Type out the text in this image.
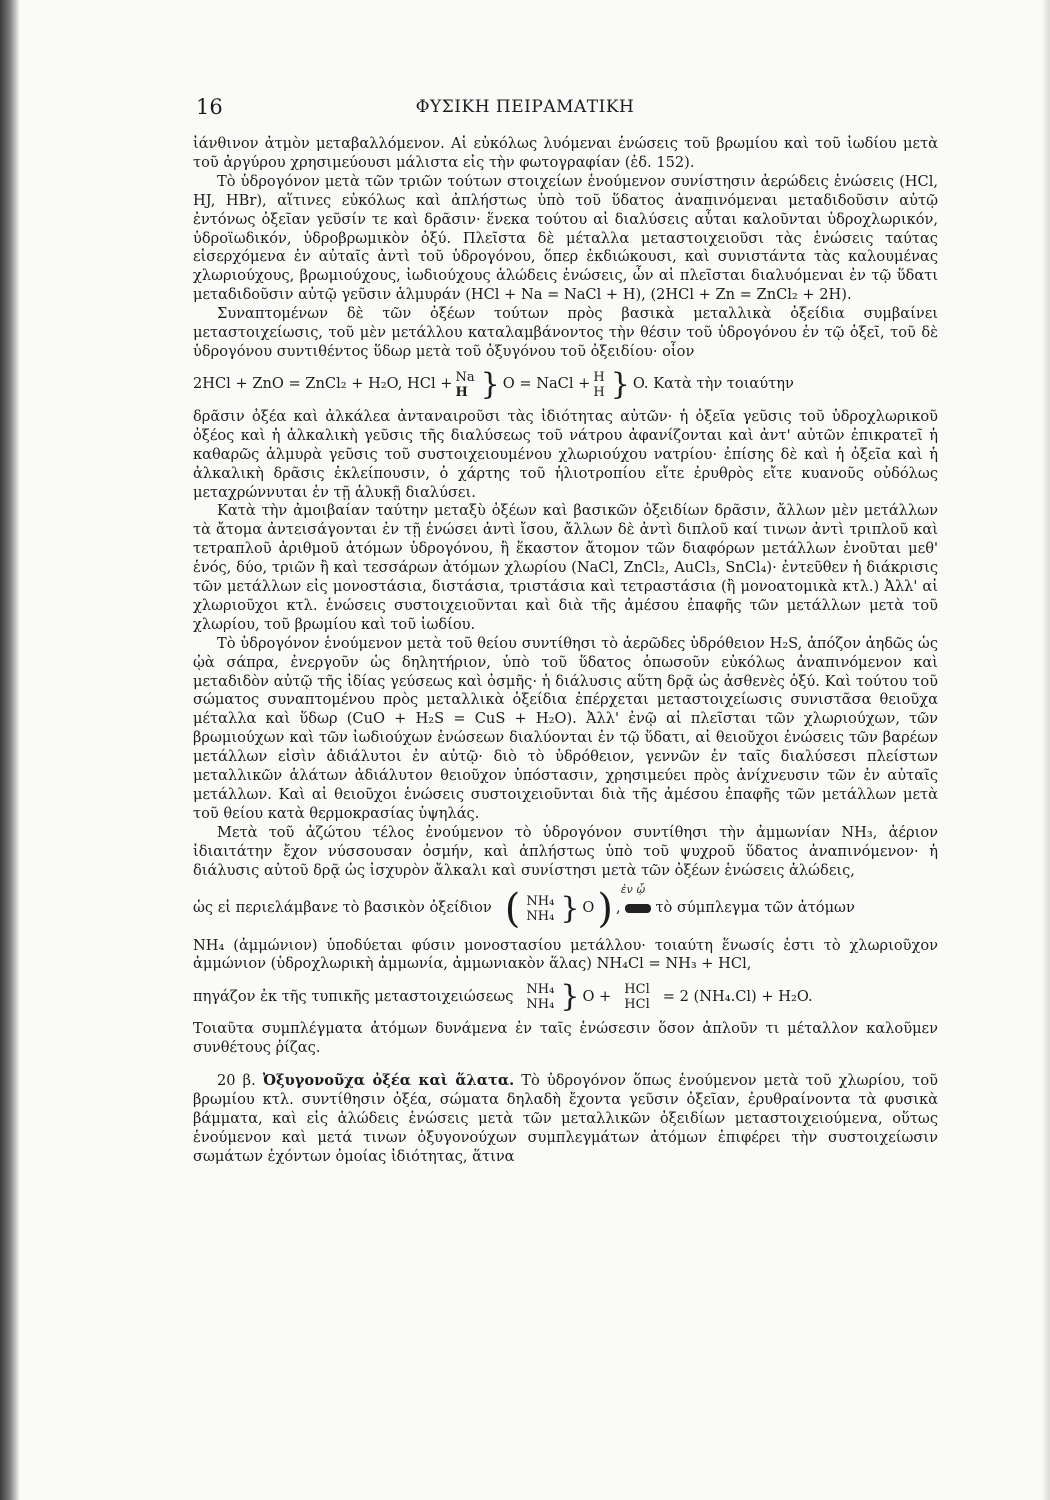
16	ΦΥΣΙΚΗ ΠΕΙΡΑΜΑΤΙΚΗ

ἰάνθινον ἀτμὸν μεταβαλλόμενον. Αἱ εὐκόλως λυόμεναι ἑνώσεις τοῦ βρωμίου καὶ τοῦ ἰωδίου μετὰ τοῦ ἀργύρου χρησιμεύουσι μάλιστα εἰς τὴν φωτογραφίαν (ἐδ. 152).

Τὸ ὑδρογόνον μετὰ τῶν τριῶν τούτων στοιχείων ἑνούμενον συνίστησιν ἀερώδεις ἑνώσεις (HCl, HJ, HBr), αἵτινες εὐκόλως καὶ ἀπλήστως ὑπὸ τοῦ ὕδατος ἀναπινόμεναι μεταδιδοῦσιν αὐτῷ ἐντόνως ὀξεῖαν γεῦσίν τε καὶ δρᾶσιν· ἕνεκα τούτου αἱ διαλύσεις αὗται καλοῦνται ὑδροχλωρικόν, ὑδροϊωδικόν, ὑδροβρωμικὸν ὀξύ. Πλεῖστα δὲ μέταλλα μεταστοιχειοῦσι τὰς ἑνώσεις ταύτας εἰσερχόμενα ἐν αὐταῖς ἀντὶ τοῦ ὑδρογόνου, ὅπερ ἐκδιώκουσι, καὶ συνιστάντα τὰς καλουμένας χλωριούχους, βρωμιούχους, ἰωδιούχους ἁλώδεις ἑνώσεις, ὧν αἱ πλεῖσται διαλυόμεναι ἐν τῷ ὕδατι μεταδιδοῦσιν αὐτῷ γεῦσιν ἁλμυράν (HCl + Na = NaCl + H), (2HCl + Zn = ZnCl₂ + 2H).

Συναπτομένων δὲ τῶν ὀξέων τούτων πρὸς βασικὰ μεταλλικὰ ὀξείδια συμβαίνει μεταστοιχείωσις, τοῦ μὲν μετάλλου καταλαμβάνοντος τὴν θέσιν τοῦ ὑδρογόνου ἐν τῷ ὀξεῖ, τοῦ δὲ ὑδρογόνου συντιθέντος ὕδωρ μετὰ τοῦ ὀξυγόνου τοῦ ὀξειδίου· οἷον

2HCl + ZnO = ZnCl₂ + H₂O, HCl + Na
H } O = NaCl + H
H } O. Κατὰ τὴν τοιαύτην

δρᾶσιν ὀξέα καὶ ἀλκάλεα ἀνταναιροῦσι τὰς ἰδιότητας αὐτῶν· ἡ ὀξεῖα γεῦσις τοῦ ὑδροχλωρικοῦ ὀξέος καὶ ἡ ἀλκαλικὴ γεῦσις τῆς διαλύσεως τοῦ νάτρου ἀφανίζονται καὶ ἀντ' αὐτῶν ἐπικρατεῖ ἡ καθαρῶς ἁλμυρὰ γεῦσις τοῦ συστοιχειουμένου χλωριούχου νατρίου· ἐπίσης δὲ καὶ ἡ ὀξεῖα καὶ ἡ ἀλκαλικὴ δρᾶσις ἐκλείπουσιν, ὁ χάρτης τοῦ ἡλιοτροπίου εἴτε ἐρυθρὸς εἴτε κυανοῦς οὐδόλως μεταχρώννυται ἐν τῇ ἁλυκῇ διαλύσει.

Κατὰ τὴν ἀμοιβαίαν ταύτην μεταξὺ ὀξέων καὶ βασικῶν ὀξειδίων δρᾶσιν, ἄλλων μὲν μετάλλων τὰ ἄτομα ἀντεισάγονται ἐν τῇ ἑνώσει ἀντὶ ἴσου, ἄλλων δὲ ἀντὶ διπλοῦ καί τινων ἀντὶ τριπλοῦ καὶ τετραπλοῦ ἀριθμοῦ ἀτόμων ὑδρογόνου, ἢ ἕκαστον ἄτομον τῶν διαφόρων μετάλλων ἑνοῦται μεθ' ἑνός, δύο, τριῶν ἢ καὶ τεσσάρων ἀτόμων χλωρίου (NaCl, ZnCl₂, AuCl₃, SnCl₄)· ἐντεῦθεν ἡ διάκρισις τῶν μετάλλων εἰς μονοστάσια, διστάσια, τριστάσια καὶ τετραστάσια (ἢ μονοατομικὰ κτλ.) Ἀλλ' αἱ χλωριοῦχοι κτλ. ἑνώσεις συστοιχειοῦνται καὶ διὰ τῆς ἀμέσου ἐπαφῆς τῶν μετάλλων μετὰ τοῦ χλωρίου, τοῦ βρωμίου καὶ τοῦ ἰωδίου.

Τὸ ὑδρογόνον ἑνούμενον μετὰ τοῦ θείου συντίθησι τὸ ἀερῶδες ὑδρόθειον H₂S, ἀπόζον ἀηδῶς ὡς ᾠὰ σάπρα, ἐνεργοῦν ὡς δηλητήριον, ὑπὸ τοῦ ὕδατος ὁπωσοῦν εὐκόλως ἀναπινόμενον καὶ μεταδιδὸν αὐτῷ τῆς ἰδίας γεύσεως καὶ ὀσμῆς· ἡ διάλυσις αὕτη δρᾷ ὡς ἀσθενὲς ὀξύ. Καὶ τούτου τοῦ σώματος συναπτομένου πρὸς μεταλλικὰ ὀξείδια ἐπέρχεται μεταστοιχείωσις συνιστᾶσα θειοῦχα μέταλλα καὶ ὕδωρ (CuO + H₂S = CuS + H₂O). Ἀλλ' ἐνῷ αἱ πλεῖσται τῶν χλωριούχων, τῶν βρωμιούχων καὶ τῶν ἰωδιούχων ἑνώσεων διαλύονται ἐν τῷ ὕδατι, αἱ θειοῦχοι ἑνώσεις τῶν βαρέων μετάλλων εἰσὶν ἀδιάλυτοι ἐν αὐτῷ· διὸ τὸ ὑδρόθειον, γεννῶν ἐν ταῖς διαλύσεσι πλείστων μεταλλικῶν ἁλάτων ἀδιάλυτον θειοῦχον ὑπόστασιν, χρησιμεύει πρὸς ἀνίχνευσιν τῶν ἐν αὐταῖς μετάλλων. Καὶ αἱ θειοῦχοι ἑνώσεις συστοιχειοῦνται διὰ τῆς ἀμέσου ἐπαφῆς τῶν μετάλλων μετὰ τοῦ θείου κατὰ θερμοκρασίας ὑψηλάς.

Μετὰ τοῦ ἀζώτου τέλος ἑνούμενον τὸ ὑδρογόνον συντίθησι τὴν ἀμμωνίαν NH₃, ἀέριον ἰδιαιτάτην ἔχον νύσσουσαν ὀσμήν, καὶ ἀπλήστως ὑπὸ τοῦ ψυχροῦ ὕδατος ἀναπινόμενον· ἡ διάλυσις αὐτοῦ δρᾷ ὡς ἰσχυρὸν ἄλκαλι καὶ συνίστησι μετὰ τῶν ὀξέων ἑνώσεις ἁλώδεις,

ὡς εἰ περιελάμβανε τὸ βασικὸν ὀξείδιον ( NH₄
NH₄ } O ) ,
ἐν ᾧ
τὸ σύμπλεγμα τῶν ἀτόμων

NH₄ (ἀμμώνιον) ὑποδύεται φύσιν μονοστασίου μετάλλου· τοιαύτη ἕνωσίς ἐστι τὸ χλωριοῦχον ἀμμώνιον (ὑδροχλωρικὴ ἀμμωνία, ἀμμωνιακὸν ἅλας) NH₄Cl = NH₃ + HCl,

πηγάζον ἐκ τῆς τυπικῆς μεταστοιχειώσεως NH₄
NH₄ } O + HCl
HCl = 2 (NH₄.Cl) + H₂O.

Τοιαῦτα συμπλέγματα ἀτόμων δυνάμενα ἐν ταῖς ἑνώσεσιν ὅσον ἁπλοῦν τι μέταλλον καλοῦμεν συνθέτους ῥίζας.

20 β. Ὀξυγονοῦχα ὀξέα καὶ ἅλατα. Τὸ ὑδρογόνον ὅπως ἑνούμενον μετὰ τοῦ χλωρίου, τοῦ βρωμίου κτλ. συντίθησιν ὀξέα, σώματα δηλαδὴ ἔχοντα γεῦσιν ὀξεῖαν, ἐρυθραίνοντα τὰ φυσικὰ βάμματα, καὶ εἰς ἁλώδεις ἑνώσεις μετὰ τῶν μεταλλικῶν ὀξειδίων μεταστοιχειούμενα, οὕτως ἑνούμενον καὶ μετά τινων ὀξυγονούχων συμπλεγμάτων ἀτόμων ἐπιφέρει τὴν συστοιχείωσιν σωμάτων ἐχόντων ὁμοίας ἰδιότητας, ἅτινα
